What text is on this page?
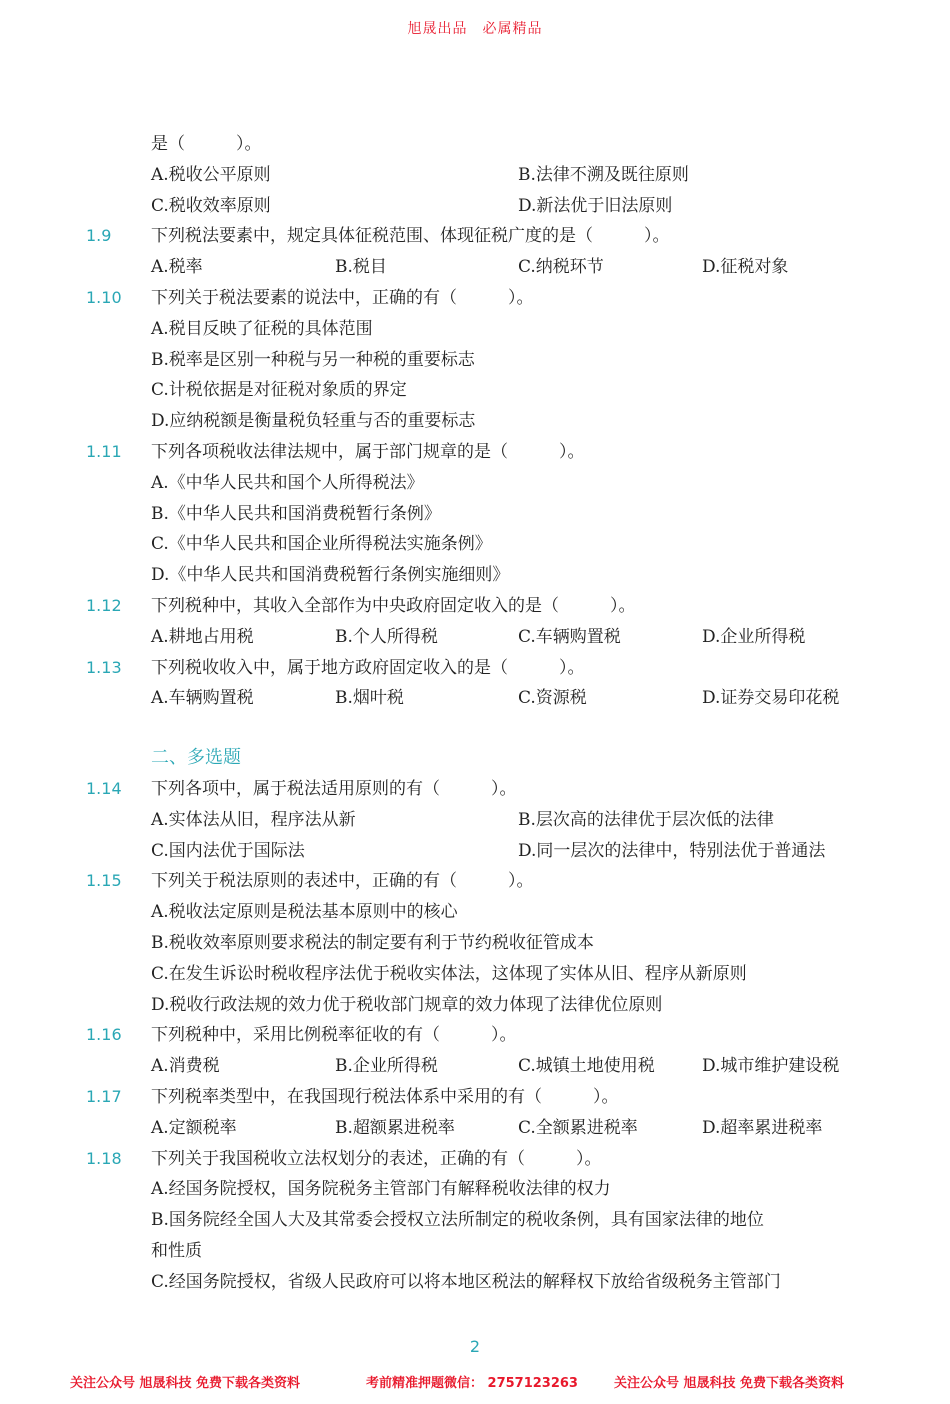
旭晟出品　必属精品
是（　　　）。
A.税收公平原则	B.法律不溯及既往原则
C.税收效率原则	D.新法优于旧法原则
1.9 下列税法要素中，规定具体征税范围、体现征税广度的是（　　　）。
A.税率	B.税目	C.纳税环节	D.征税对象
1.10 下列关于税法要素的说法中，正确的有（　　　）。
A.税目反映了征税的具体范围
B.税率是区别一种税与另一种税的重要标志
C.计税依据是对征税对象质的界定
D.应纳税额是衡量税负轻重与否的重要标志
1.11 下列各项税收法律法规中，属于部门规章的是（　　　）。
A.《中华人民共和国个人所得税法》
B.《中华人民共和国消费税暂行条例》
C.《中华人民共和国企业所得税法实施条例》
D.《中华人民共和国消费税暂行条例实施细则》
1.12 下列税种中，其收入全部作为中央政府固定收入的是（　　　）。
A.耕地占用税	B.个人所得税	C.车辆购置税	D.企业所得税
1.13 下列税收收入中，属于地方政府固定收入的是（　　　）。
A.车辆购置税	B.烟叶税	C.资源税	D.证券交易印花税
二、多选题
1.14 下列各项中，属于税法适用原则的有（　　　）。
A.实体法从旧，程序法从新	B.层次高的法律优于层次低的法律
C.国内法优于国际法	D.同一层次的法律中，特别法优于普通法
1.15 下列关于税法原则的表述中，正确的有（　　　）。
A.税收法定原则是税法基本原则中的核心
B.税收效率原则要求税法的制定要有利于节约税收征管成本
C.在发生诉讼时税收程序法优于税收实体法，这体现了实体从旧、程序从新原则
D.税收行政法规的效力优于税收部门规章的效力体现了法律优位原则
1.16 下列税种中，采用比例税率征收的有（　　　）。
A.消费税	B.企业所得税	C.城镇土地使用税	D.城市维护建设税
1.17 下列税率类型中，在我国现行税法体系中采用的有（　　　）。
A.定额税率	B.超额累进税率	C.全额累进税率	D.超率累进税率
1.18 下列关于我国税收立法权划分的表述，正确的有（　　　）。
A.经国务院授权，国务院税务主管部门有解释税收法律的权力
B.国务院经全国人大及其常委会授权立法所制定的税收条例，具有国家法律的地位
和性质
C.经国务院授权，省级人民政府可以将本地区税法的解释权下放给省级税务主管部门
2
关注公众号 旭晟科技 免费下载各类资料	考前精准押题微信： 2757123263	关注公众号 旭晟科技 免费下载各类资料
